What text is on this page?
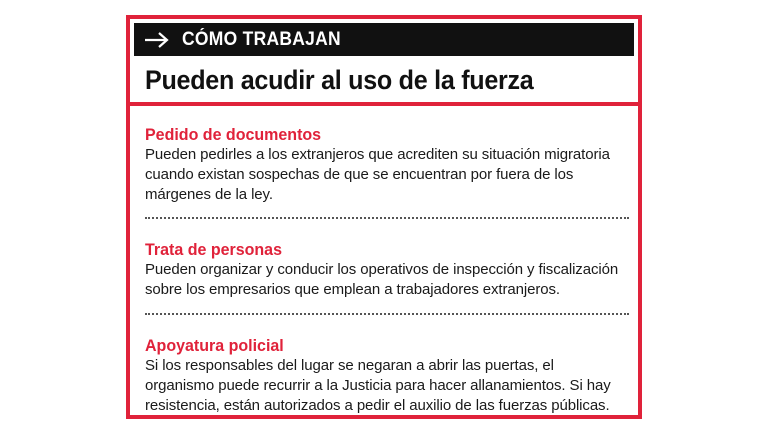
CÓMO TRABAJAN
Pueden acudir al uso de la fuerza
Pedido de documentos
Pueden pedirles a los extranjeros que acrediten su situación migratoria
cuando existan sospechas de que se encuentran por fuera de los
márgenes de la ley.
Trata de personas
Pueden organizar y conducir los operativos de inspección y fiscalización
sobre los empresarios que emplean a trabajadores extranjeros.
Apoyatura policial
Si los responsables del lugar se negaran a abrir las puertas, el
organismo puede recurrir a la Justicia para hacer allanamientos. Si hay
resistencia, están autorizados a pedir el auxilio de las fuerzas públicas.
